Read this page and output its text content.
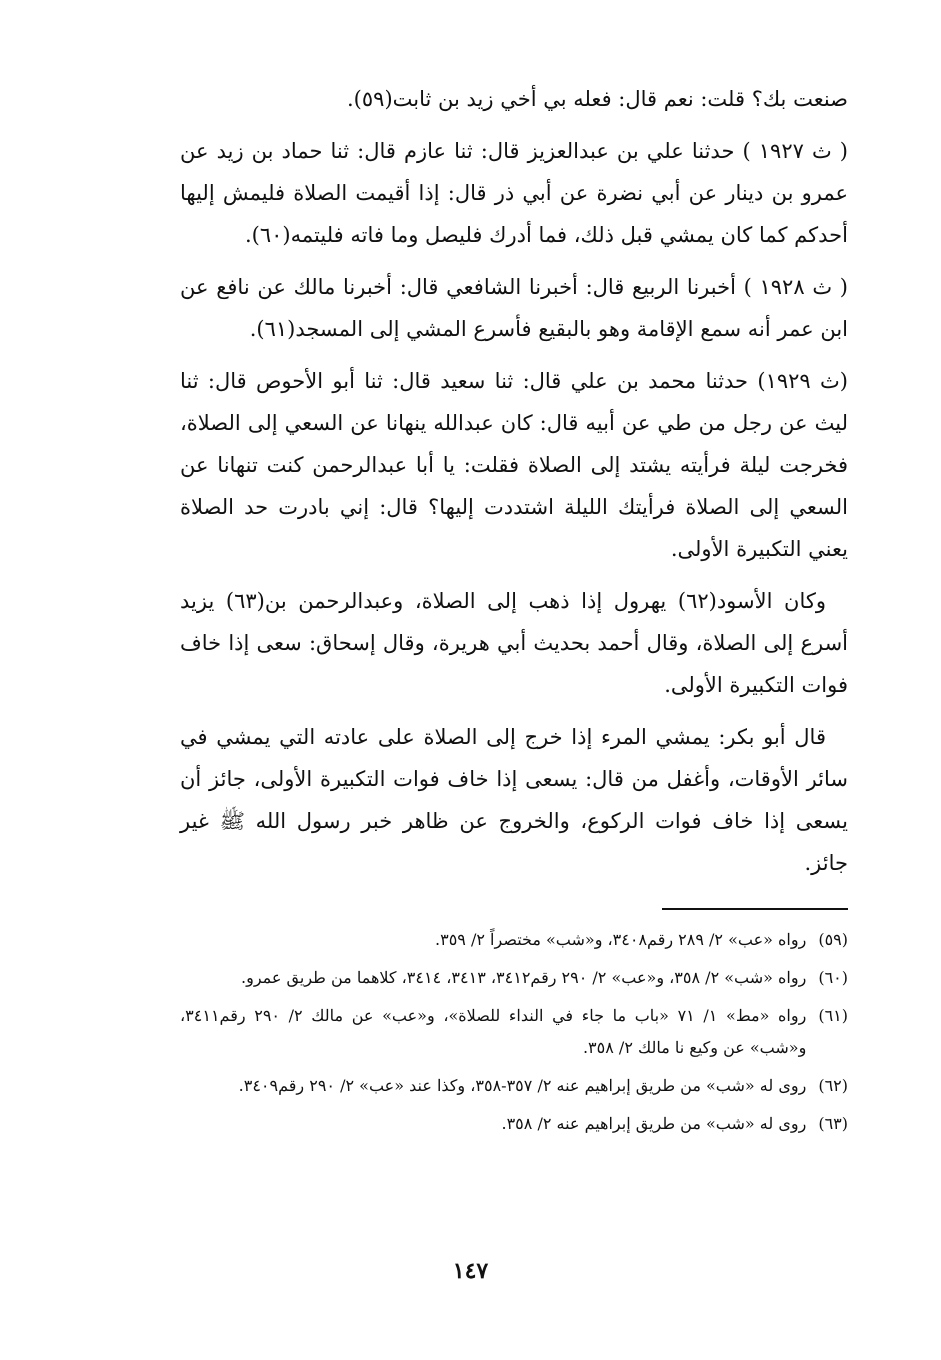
صنعت بك؟ قلت: نعم قال: فعله بي أخي زيد بن ثابت(٥٩).

( ث ١٩٢٧ ) حدثنا علي بن عبدالعزيز قال: ثنا عازم قال: ثنا حماد بن زيد عن عمرو بن دينار عن أبي نضرة عن أبي ذر قال: إذا أقيمت الصلاة فليمش إليها أحدكم كما كان يمشي قبل ذلك، فما أدرك فليصل وما فاته فليتمه(٦٠).

( ث ١٩٢٨ ) أخبرنا الربيع قال: أخبرنا الشافعي قال: أخبرنا مالك عن نافع عن ابن عمر أنه سمع الإقامة وهو بالبقيع فأسرع المشي إلى المسجد(٦١).

(ث ١٩٢٩) حدثنا محمد بن علي قال: ثنا سعيد قال: ثنا أبو الأحوص قال: ثنا ليث عن رجل من طي عن أبيه قال: كان عبدالله ينهانا عن السعي إلى الصلاة، فخرجت ليلة فرأيته يشتد إلى الصلاة فقلت: يا أبا عبدالرحمن كنت تنهانا عن السعي إلى الصلاة فرأيتك الليلة اشتددت إليها؟ قال: إني بادرت حد الصلاة يعني التكبيرة الأولى.

وكان الأسود(٦٢) يهرول إذا ذهب إلى الصلاة، وعبدالرحمن بن(٦٣) يزيد أسرع إلى الصلاة، وقال أحمد بحديث أبي هريرة، وقال إسحاق: سعى إذا خاف فوات التكبيرة الأولى.

قال أبو بكر: يمشي المرء إذا خرج إلى الصلاة على عادته التي يمشي في سائر الأوقات، وأغفل من قال: يسعى إذا خاف فوات التكبيرة الأولى، جائز أن يسعى إذا خاف فوات الركوع، والخروج عن ظاهر خبر رسول الله ﷺ غير جائز.

(٥٩)
رواه «عب» ٢/ ٢٨٩ رقم٣٤٠٨، و«شب» مختصراً ٢/ ٣٥٩.
(٦٠)
رواه «شب» ٢/ ٣٥٨، و«عب» ٢/ ٢٩٠ رقم٣٤١٢، ٣٤١٣، ٣٤١٤، كلاهما من طريق عمرو.
(٦١)
رواه «مط» ١/ ٧١ «باب ما جاء في النداء للصلاة»، و«عب» عن مالك ٢/ ٢٩٠ رقم٣٤١١، و«شب» عن وكيع نا مالك ٢/ ٣٥٨.
(٦٢)
روى له «شب» من طريق إبراهيم عنه ٢/ ٣٥٧-٣٥٨، وكذا عند «عب» ٢/ ٢٩٠ رقم٣٤٠٩.
(٦٣)
روى له «شب» من طريق إبراهيم عنه ٢/ ٣٥٨.
١٤٧
